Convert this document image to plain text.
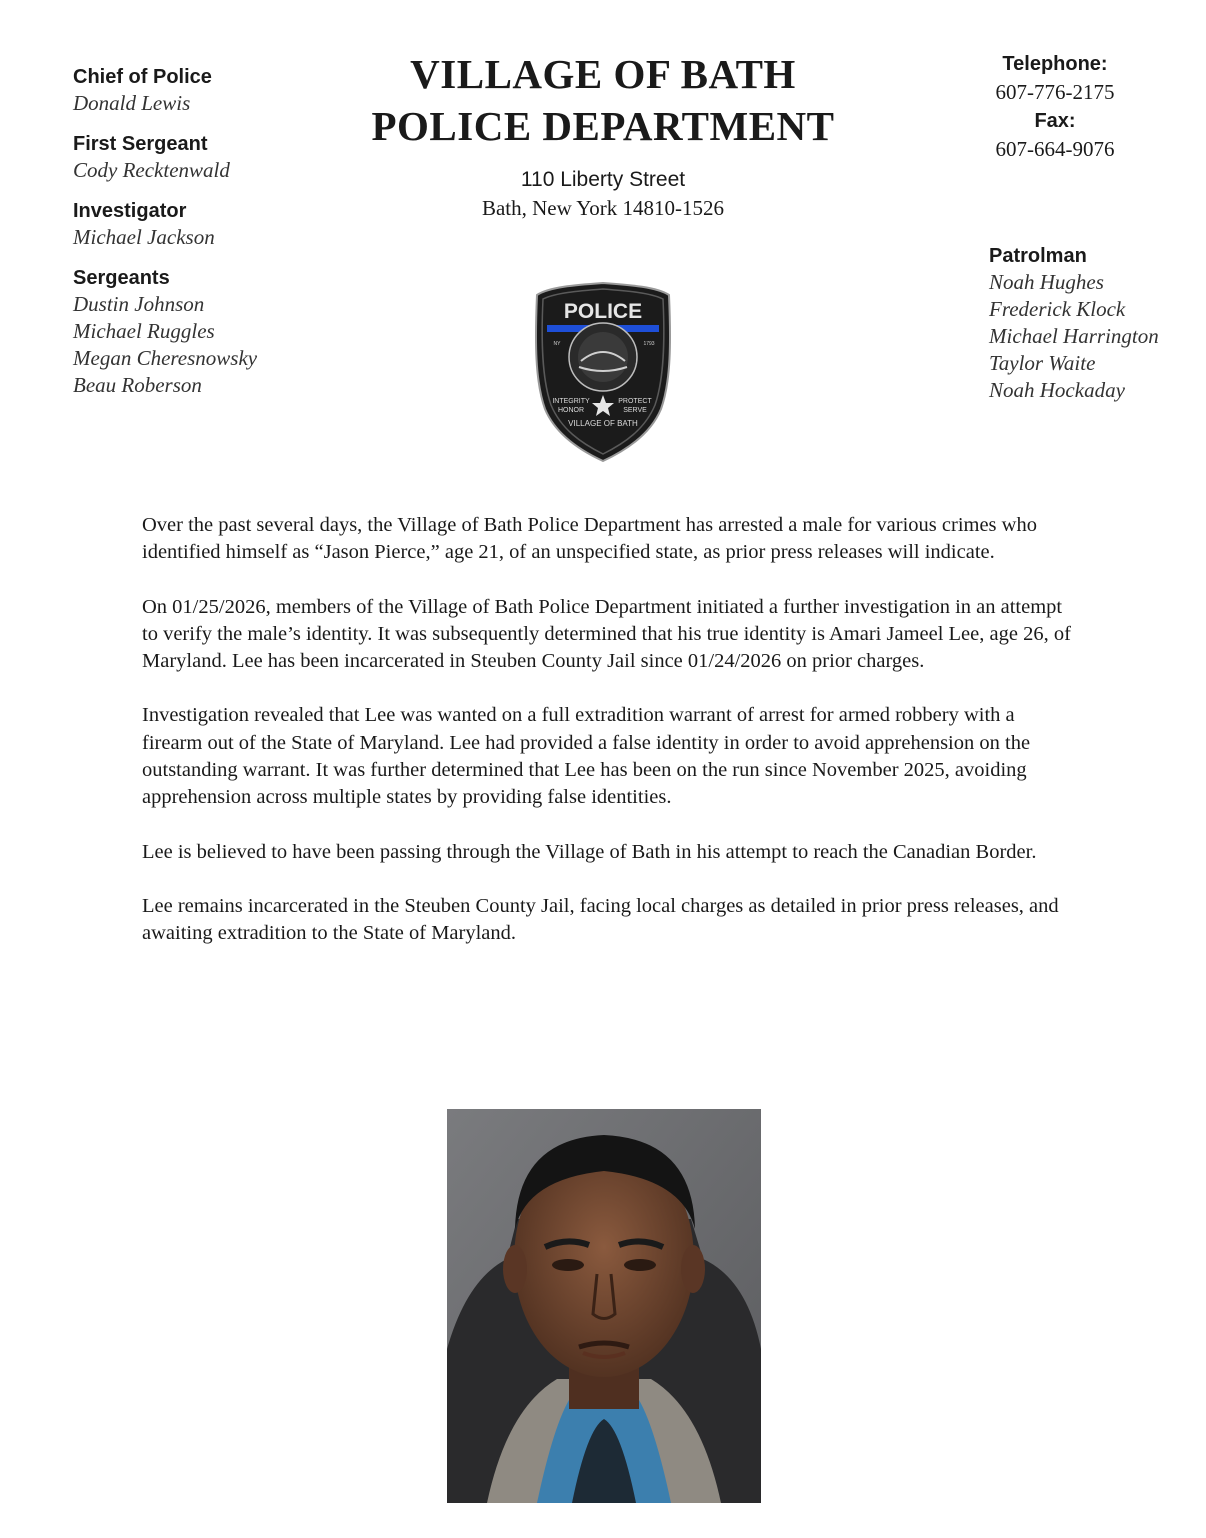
Chief of Police
Donald Lewis
First Sergeant
Cody Recktenwald
Investigator
Michael Jackson
Sergeants
Dustin Johnson
Michael Ruggles
Megan Cheresnowsky
Beau Roberson
VILLAGE OF BATH
POLICE DEPARTMENT
110 Liberty Street
Bath, New York 14810-1526
POLICE
NY	1793
INTEGRITY
HONOR
PROTECT
SERVE
VILLAGE OF BATH
Telephone:
607-776-2175
Fax:
607-664-9076
Patrolman
Noah Hughes
Frederick Klock
Michael Harrington
Taylor Waite
Noah Hockaday

Over the past several days, the Village of Bath Police Department has arrested a male for various crimes who identified himself as “Jason Pierce,” age 21, of an unspecified state, as prior press releases will indicate.

On 01/25/2026, members of the Village of Bath Police Department initiated a further investigation in an attempt to verify the male’s identity. It was subsequently determined that his true identity is Amari Jameel Lee, age 26, of Maryland. Lee has been incarcerated in Steuben County Jail since 01/24/2026 on prior charges.

Investigation revealed that Lee was wanted on a full extradition warrant of arrest for armed robbery with a firearm out of the State of Maryland. Lee had provided a false identity in order to avoid apprehension on the outstanding warrant. It was further determined that Lee has been on the run since November 2025, avoiding apprehension across multiple states by providing false identities.

Lee is believed to have been passing through the Village of Bath in his attempt to reach the Canadian Border.

Lee remains incarcerated in the Steuben County Jail, facing local charges as detailed in prior press releases, and awaiting extradition to the State of Maryland.
